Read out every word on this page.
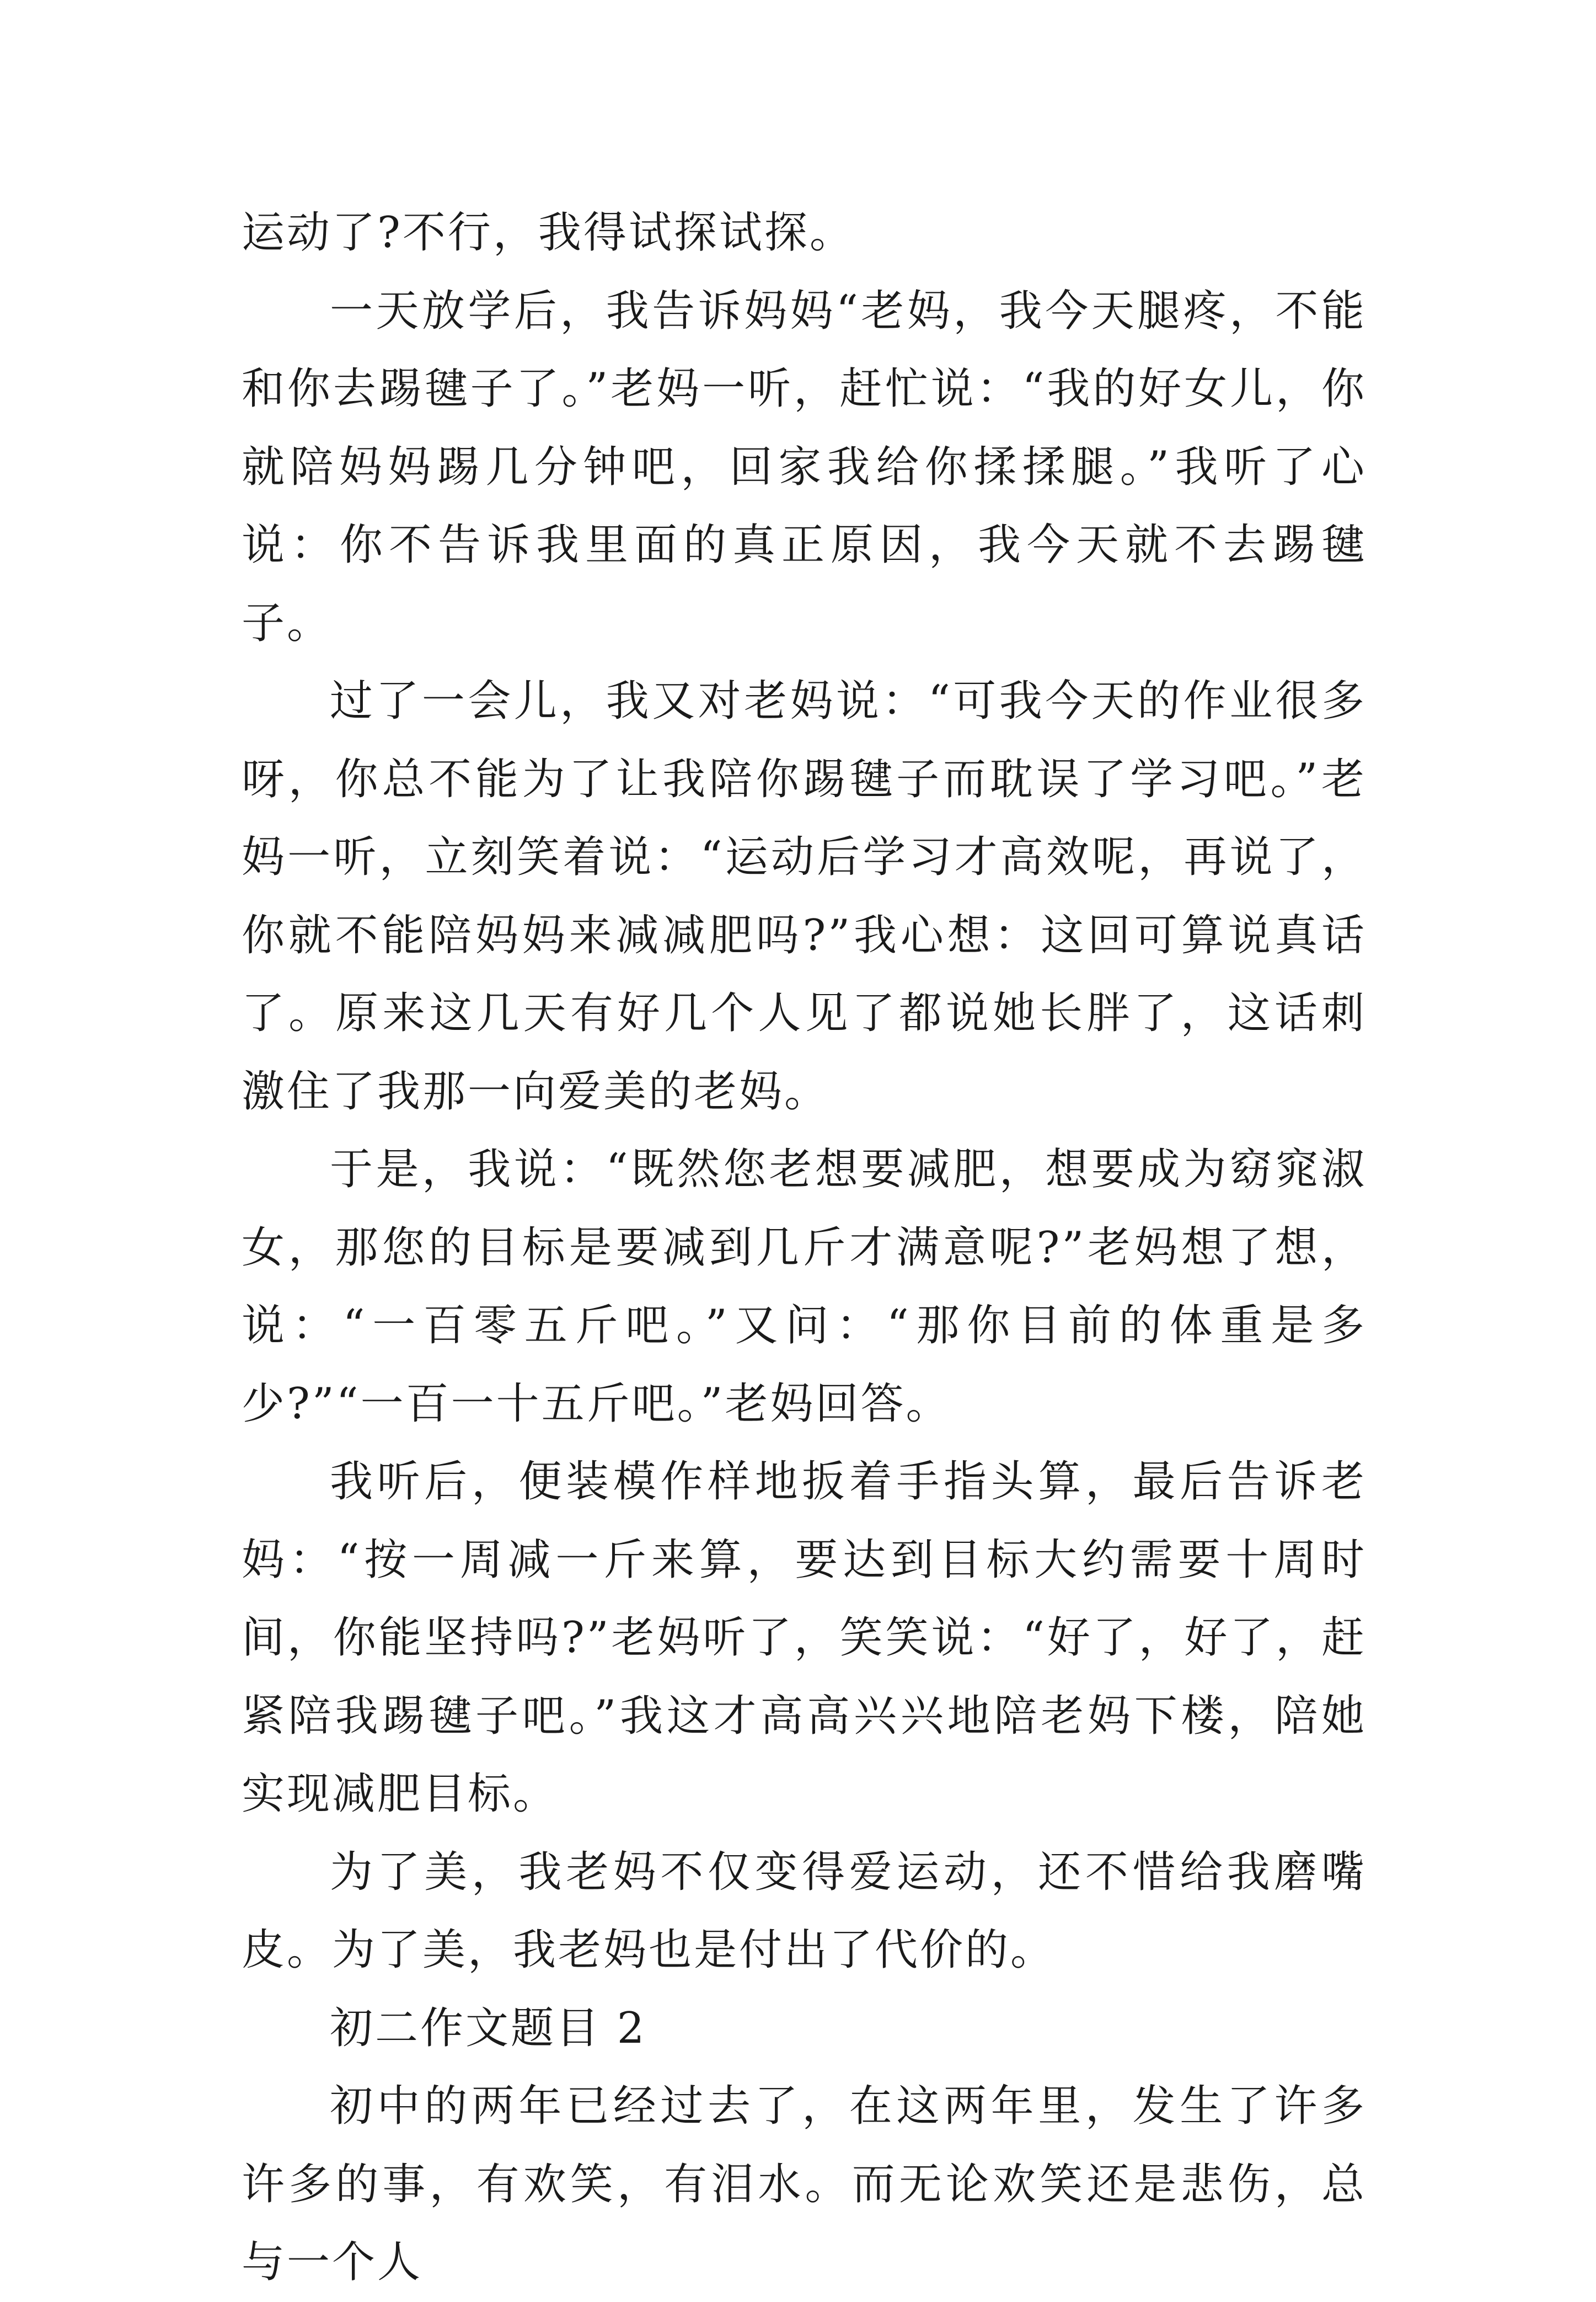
运动了?不行，我得试探试探。

一天放学后，我告诉妈妈“老妈，我今天腿疼，不能和你去踢毽子了。”老妈一听，赶忙说：“我的好女儿，你就陪妈妈踢几分钟吧，回家我给你揉揉腿。”我听了心说：你不告诉我里面的真正原因，我今天就不去踢毽子。

过了一会儿，我又对老妈说：“可我今天的作业很多呀，你总不能为了让我陪你踢毽子而耽误了学习吧。”老妈一听，立刻笑着说：“运动后学习才高效呢，再说了，你就不能陪妈妈来减减肥吗?”我心想：这回可算说真话了。原来这几天有好几个人见了都说她长胖了，这话刺激住了我那一向爱美的老妈。

于是，我说：“既然您老想要减肥，想要成为窈窕淑女，那您的目标是要减到几斤才满意呢?”老妈想了想，说：“一百零五斤吧。”又问：“那你目前的体重是多少?”“一百一十五斤吧。”老妈回答。

我听后，便装模作样地扳着手指头算，最后告诉老妈：“按一周减一斤来算，要达到目标大约需要十周时间，你能坚持吗?”老妈听了，笑笑说：“好了，好了，赶紧陪我踢毽子吧。”我这才高高兴兴地陪老妈下楼，陪她实现减肥目标。

为了美，我老妈不仅变得爱运动，还不惜给我磨嘴皮。为了美，我老妈也是付出了代价的。

初二作文题目 2

初中的两年已经过去了，在这两年里，发生了许多许多的事，有欢笑，有泪水。而无论欢笑还是悲伤，总与一个人
